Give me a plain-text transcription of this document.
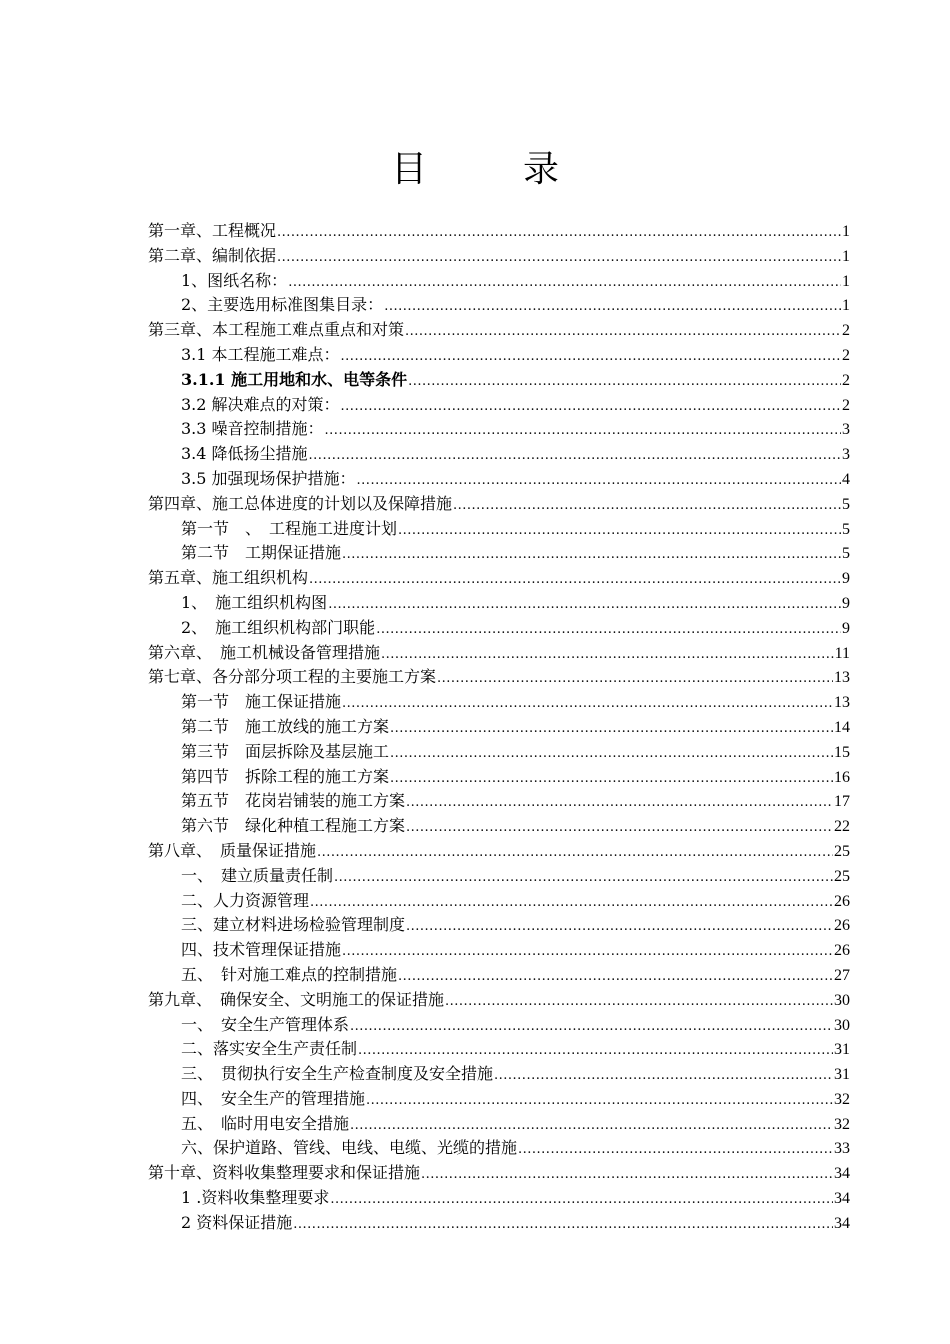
目　录
第一章、工程概况 .....	1
第二章、编制依据 .....	1
1、图纸名称： .....	1
2、主要选用标准图集目录： .....	1
第三章、本工程施工难点重点和对策 .....	2
3.1 本工程施工难点： .....	2
3.1.1 施工用地和水、电等条件 .....	2
3.2 解决难点的对策： .....	2
3.3 噪音控制措施： .....	3
3.4 降低扬尘措施 .....	3
3.5 加强现场保护措施： .....	4
第四章、施工总体进度的计划以及保障措施 .....	5
第一节　、　工程施工进度计划 .....	5
第二节　工期保证措施 .....	5
第五章、施工组织机构 .....	9
1、　施工组织机构图 .....	9
2、　施工组织机构部门职能 .....	9
第六章、　施工机械设备管理措施 .....	11
第七章、各分部分项工程的主要施工方案 .....	13
第一节　施工保证措施 .....	13
第二节　施工放线的施工方案 .....	14
第三节　面层拆除及基层施工 .....	15
第四节　拆除工程的施工方案 .....	16
第五节　花岗岩铺装的施工方案 .....	17
第六节　绿化种植工程施工方案 .....	22
第八章、　质量保证措施 .....	25
一、　建立质量责任制 .....	25
二、人力资源管理 .....	26
三、建立材料进场检验管理制度 .....	26
四、技术管理保证措施 .....	26
五、　针对施工难点的控制措施 .....	27
第九章、　确保安全、文明施工的保证措施 .....	30
一、　安全生产管理体系 .....	30
二、落实安全生产责任制 .....	31
三、　贯彻执行安全生产检查制度及安全措施 .....	31
四、　安全生产的管理措施 .....	32
五、　临时用电安全措施 .....	32
六、保护道路、管线、电线、电缆、光缆的措施 .....	33
第十章、资料收集整理要求和保证措施 .....	34
1 .资料收集整理要求 .....	34
2 资料保证措施 .....	34
